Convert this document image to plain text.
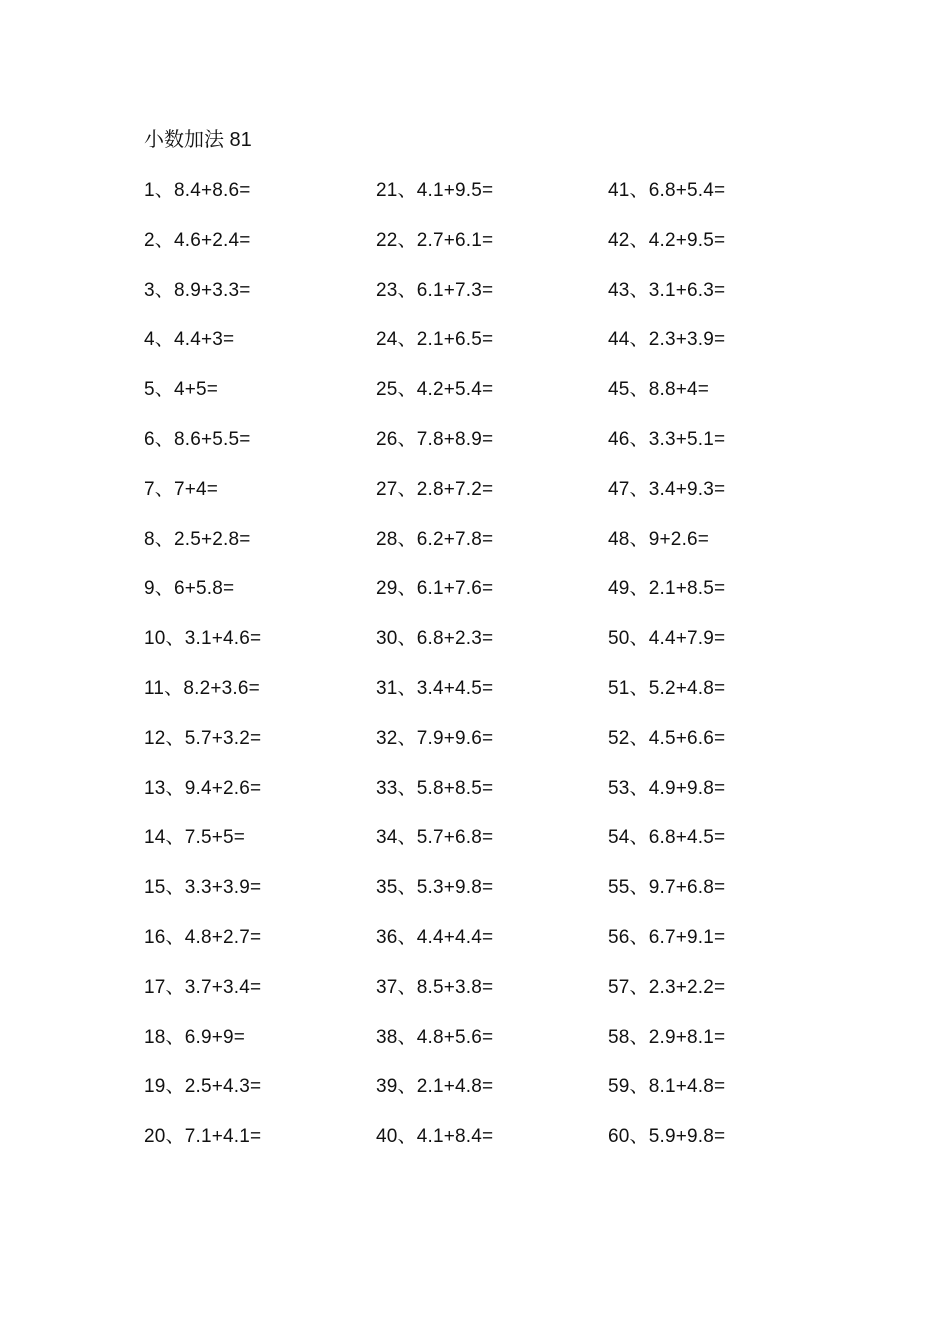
小数加法 81
1、8.4+8.6=	21、4.1+9.5=	41、6.8+5.4=
2、4.6+2.4=	22、2.7+6.1=	42、4.2+9.5=
3、8.9+3.3=	23、6.1+7.3=	43、3.1+6.3=
4、4.4+3=	24、2.1+6.5=	44、2.3+3.9=
5、4+5=	25、4.2+5.4=	45、8.8+4=
6、8.6+5.5=	26、7.8+8.9=	46、3.3+5.1=
7、7+4=	27、2.8+7.2=	47、3.4+9.3=
8、2.5+2.8=	28、6.2+7.8=	48、9+2.6=
9、6+5.8=	29、6.1+7.6=	49、2.1+8.5=
10、3.1+4.6=	30、6.8+2.3=	50、4.4+7.9=
11、8.2+3.6=	31、3.4+4.5=	51、5.2+4.8=
12、5.7+3.2=	32、7.9+9.6=	52、4.5+6.6=
13、9.4+2.6=	33、5.8+8.5=	53、4.9+9.8=
14、7.5+5=	34、5.7+6.8=	54、6.8+4.5=
15、3.3+3.9=	35、5.3+9.8=	55、9.7+6.8=
16、4.8+2.7=	36、4.4+4.4=	56、6.7+9.1=
17、3.7+3.4=	37、8.5+3.8=	57、2.3+2.2=
18、6.9+9=	38、4.8+5.6=	58、2.9+8.1=
19、2.5+4.3=	39、2.1+4.8=	59、8.1+4.8=
20、7.1+4.1=	40、4.1+8.4=	60、5.9+9.8=
